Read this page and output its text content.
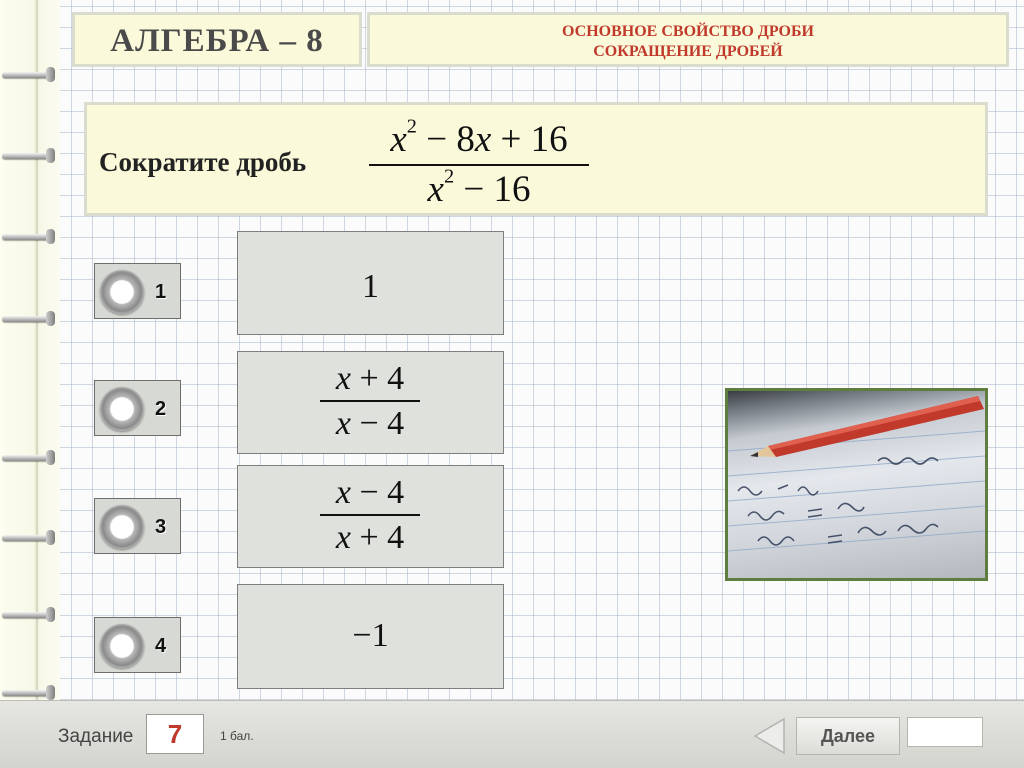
АЛГЕБРА – 8	ОСНОВНОЕ СВОЙСТВО ДРОБИ
СОКРАЩЕНИЕ ДРОБЕЙ
Сократите дробь
$x^2 - 8x + 16$
$x^2 - 16$
1
2
3
4
1
x + 4
x − 4
x − 4
x + 4
−1
Задание	7	1 бал.	Далее
